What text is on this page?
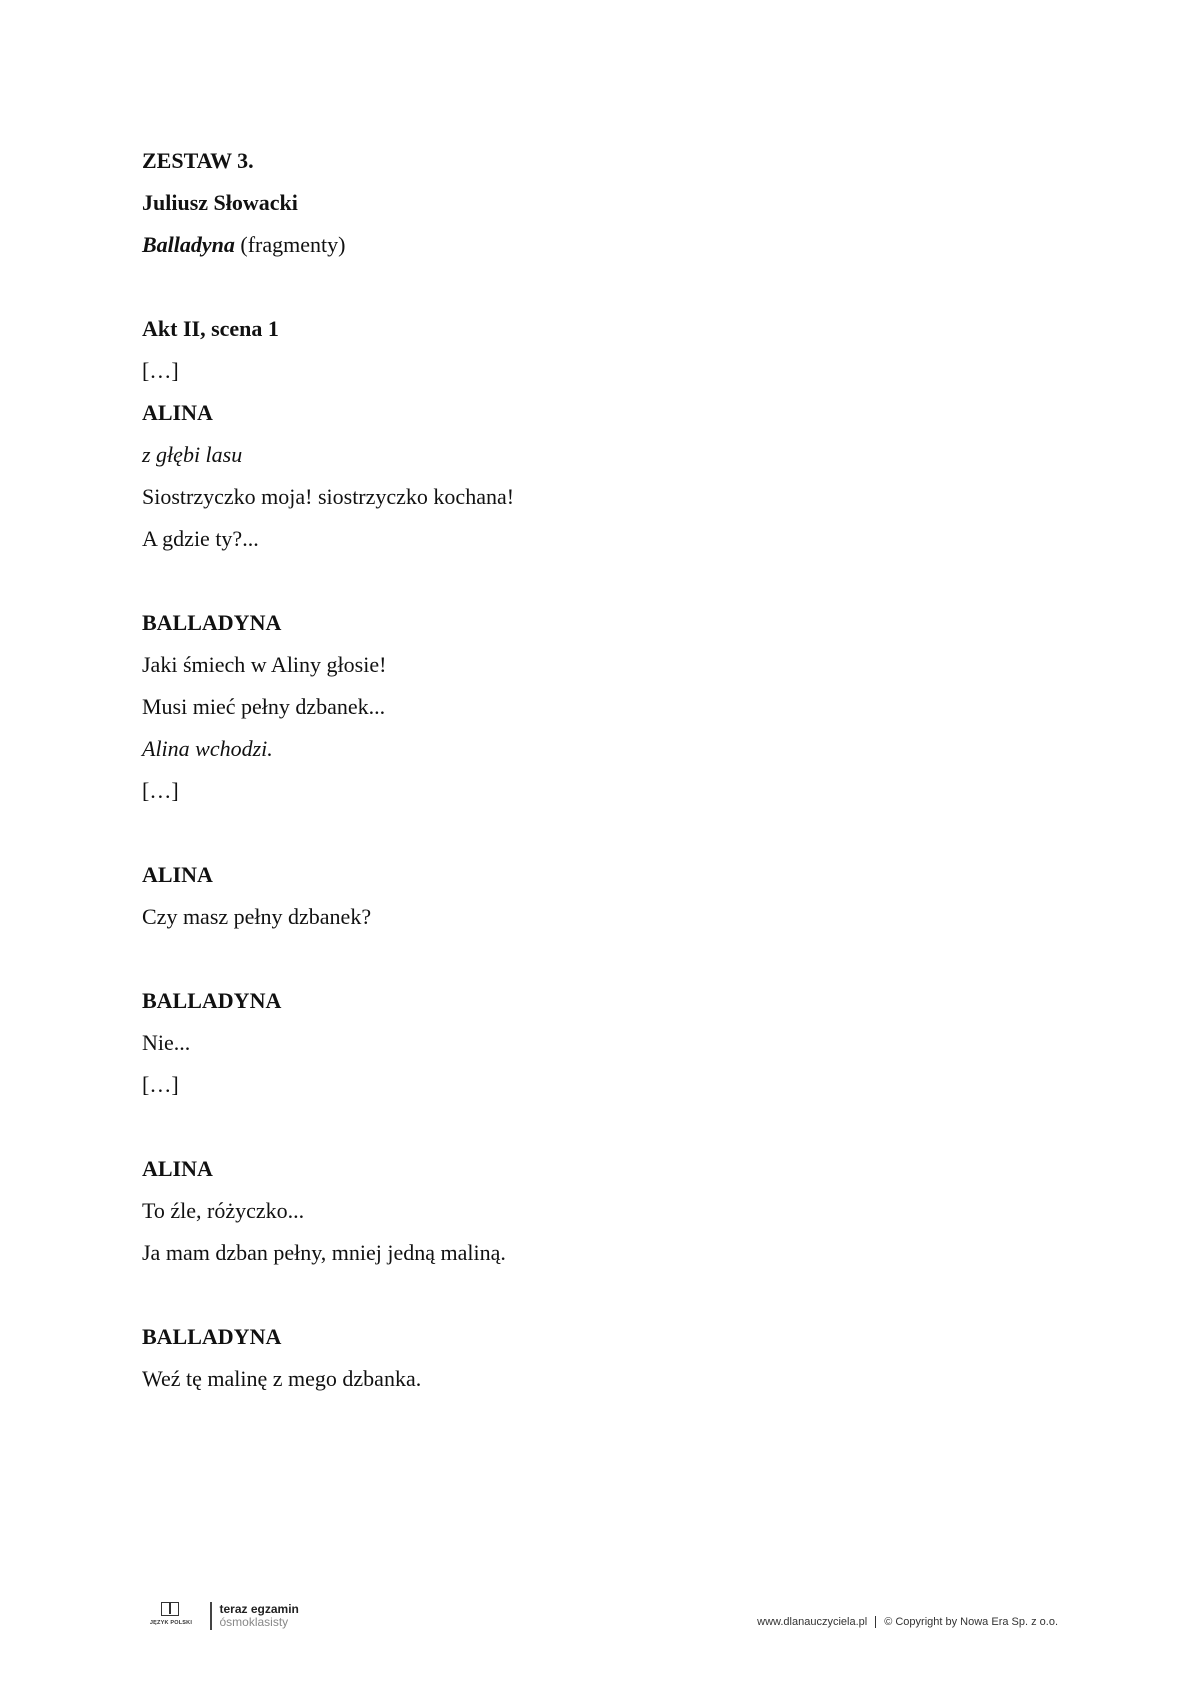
ZESTAW 3.
Juliusz Słowacki
Balladyna (fragmenty)
Akt II, scena 1
[…]
ALINA
z głębi lasu
Siostrzyczko moja! siostrzyczko kochana!
A gdzie ty?...
BALLADYNA
Jaki śmiech w Aliny głosie!
Musi mieć pełny dzbanek...
Alina wchodzi.
[…]
ALINA
Czy masz pełny dzbanek?
BALLADYNA
Nie...
[…]
ALINA
To źle, różyczko...
Ja mam dzban pełny, mniej jedną maliną.
BALLADYNA
Weź tę malinę z mego dzbanka.
JĘZYK POLSKI
teraz egzamin
ósmoklasisty	www.dlanauczyciela.pl © Copyright by Nowa Era Sp. z o.o.
